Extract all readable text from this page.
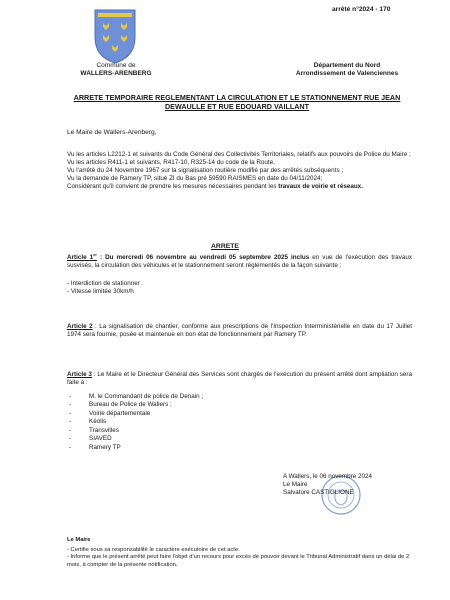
arrêté n°2024 - 170
Commune de
WALLERS-ARENBERG
Département du Nord
Arrondissement de Valenciennes
ARRETE TEMPORAIRE REGLEMENTANT LA CIRCULATION ET LE STATIONNEMENT RUE JEAN
DEWAULLE ET RUE EDOUARD VAILLANT
Le Maire de Wallers-Arenberg,

Vu les articles L2212-1 et suivants du Code Général des Collectivités Territoriales, relatifs aux pouvoirs de Police du Maire ;

Vu les articles R411-1 et suivants, R417-10, R325-14 du code de la Route,

Vu l'arrêté du 24 Novembre 1967 sur la signalisation routière modifié par des arrêtés subséquents ;

Vu la demande de Ramery TP, situé ZI du Bas pré 59590 RAISMES en date du 04/11/2024;

Considérant qu'il convient de prendre les mesures nécessaires pendant les travaux de voirie et réseaux.

ARRETE
Article 1er : Du mercredi 06 novembre au vendredi 05 septembre 2025 inclus en vue de l'exécution des travaux susvisés, la circulation des véhicules et le stationnement seront réglementés de la façon suivante :
- Interdiction de stationner
- Vitesse limitée 30km/h
Article 2 : La signalisation de chantier, conforme aux prescriptions de l'Inspection Interministérielle en date du 17 Juillet 1974 sera fournie, posée et maintenue en bon état de fonctionnement par Ramery TP.
Article 3 : Le Maire et le Directeur Général des Services sont chargés de l'exécution du présent arrêté dont ampliation sera faite à :
-	M. le Commandant de police de Denain ;
-	Bureau de Police de Wallers ;
-	Voirie départementale
-	Kéolis
-	Transvilles
-	SIAVED
-	Ramery TP
A Wallers, le 06 novembre 2024
Le Maire
Salvatore CASTIGLIONE
Le Maire
- Certifie sous sa responsabilité le caractère exécutoire de cet acte.
- Informe que le présent arrêté peut faire l'objet d'un recours pour excès de pouvoir devant le Tribunal Administratif dans un délai de 2 mois, à compter de la présente notification.
